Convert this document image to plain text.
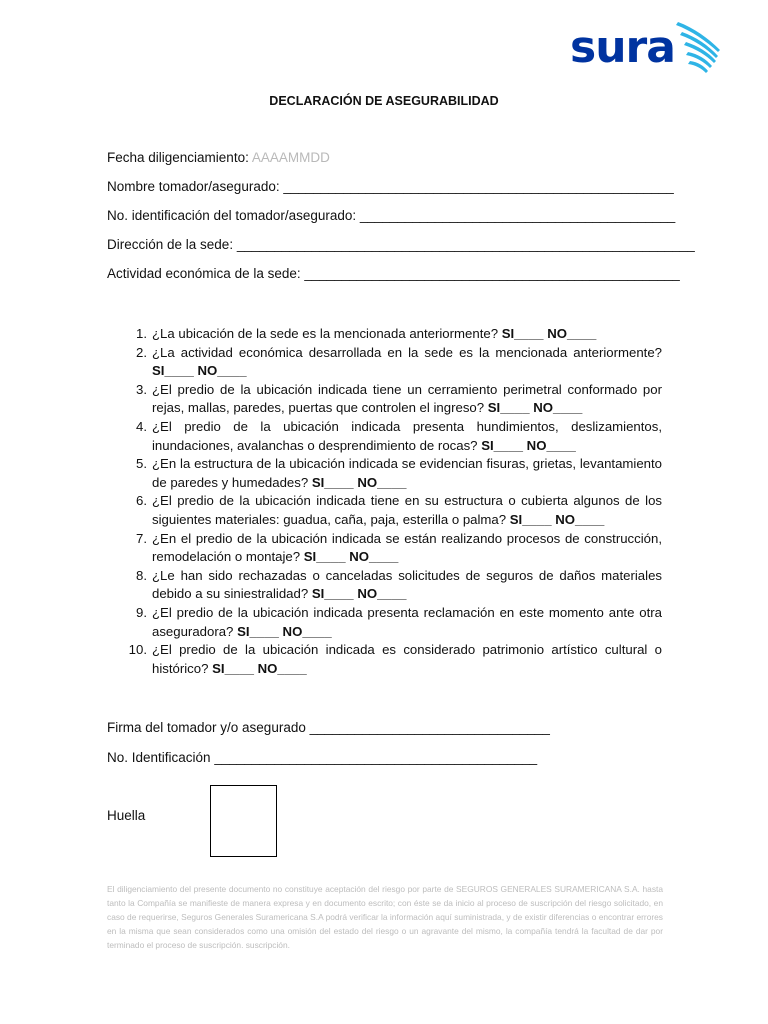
sura
DECLARACIÓN DE ASEGURABILIDAD
Fecha diligenciamiento: AAAAMMDD
Nombre tomador/asegurado: ____________________________________________________
No. identificación del tomador/asegurado: __________________________________________
Dirección de la sede: _____________________________________________________________
Actividad económica de la sede: __________________________________________________
1. ¿La ubicación de la sede es la mencionada anteriormente? SI____ NO____
2. ¿La actividad económica desarrollada en la sede es la mencionada anteriormente? SI____ NO____
3. ¿El predio de la ubicación indicada tiene un cerramiento perimetral conformado por rejas, mallas, paredes, puertas que controlen el ingreso? SI____ NO____
4. ¿El predio de la ubicación indicada presenta hundimientos, deslizamientos, inundaciones, avalanchas o desprendimiento de rocas? SI____ NO____
5. ¿En la estructura de la ubicación indicada se evidencian fisuras, grietas, levantamiento de paredes y humedades? SI____ NO____
6. ¿El predio de la ubicación indicada tiene en su estructura o cubierta algunos de los siguientes materiales: guadua, caña, paja, esterilla o palma? SI____ NO____
7. ¿En el predio de la ubicación indicada se están realizando procesos de construcción, remodelación o montaje? SI____ NO____
8. ¿Le han sido rechazadas o canceladas solicitudes de seguros de daños materiales debido a su siniestralidad? SI____ NO____
9. ¿El predio de la ubicación indicada presenta reclamación en este momento ante otra aseguradora? SI____ NO____
10. ¿El predio de la ubicación indicada es considerado patrimonio artístico cultural o histórico? SI____ NO____
Firma del tomador y/o asegurado ________________________________
No. Identificación ___________________________________________
Huella
El diligenciamiento del presente documento no constituye aceptación del riesgo por parte de SEGUROS GENERALES SURAMERICANA S.A. hasta tanto la Compañía se manifieste de manera expresa y en documento escrito; con éste se da inicio al proceso de suscripción del riesgo solicitado, en caso de requerirse, Seguros Generales Suramericana S.A podrá verificar la información aquí suministrada, y de existir diferencias o encontrar errores en la misma que sean considerados como una omisión del estado del riesgo o un agravante del mismo, la compañía tendrá la facultad de dar por terminado el proceso de suscripción. suscripción.
